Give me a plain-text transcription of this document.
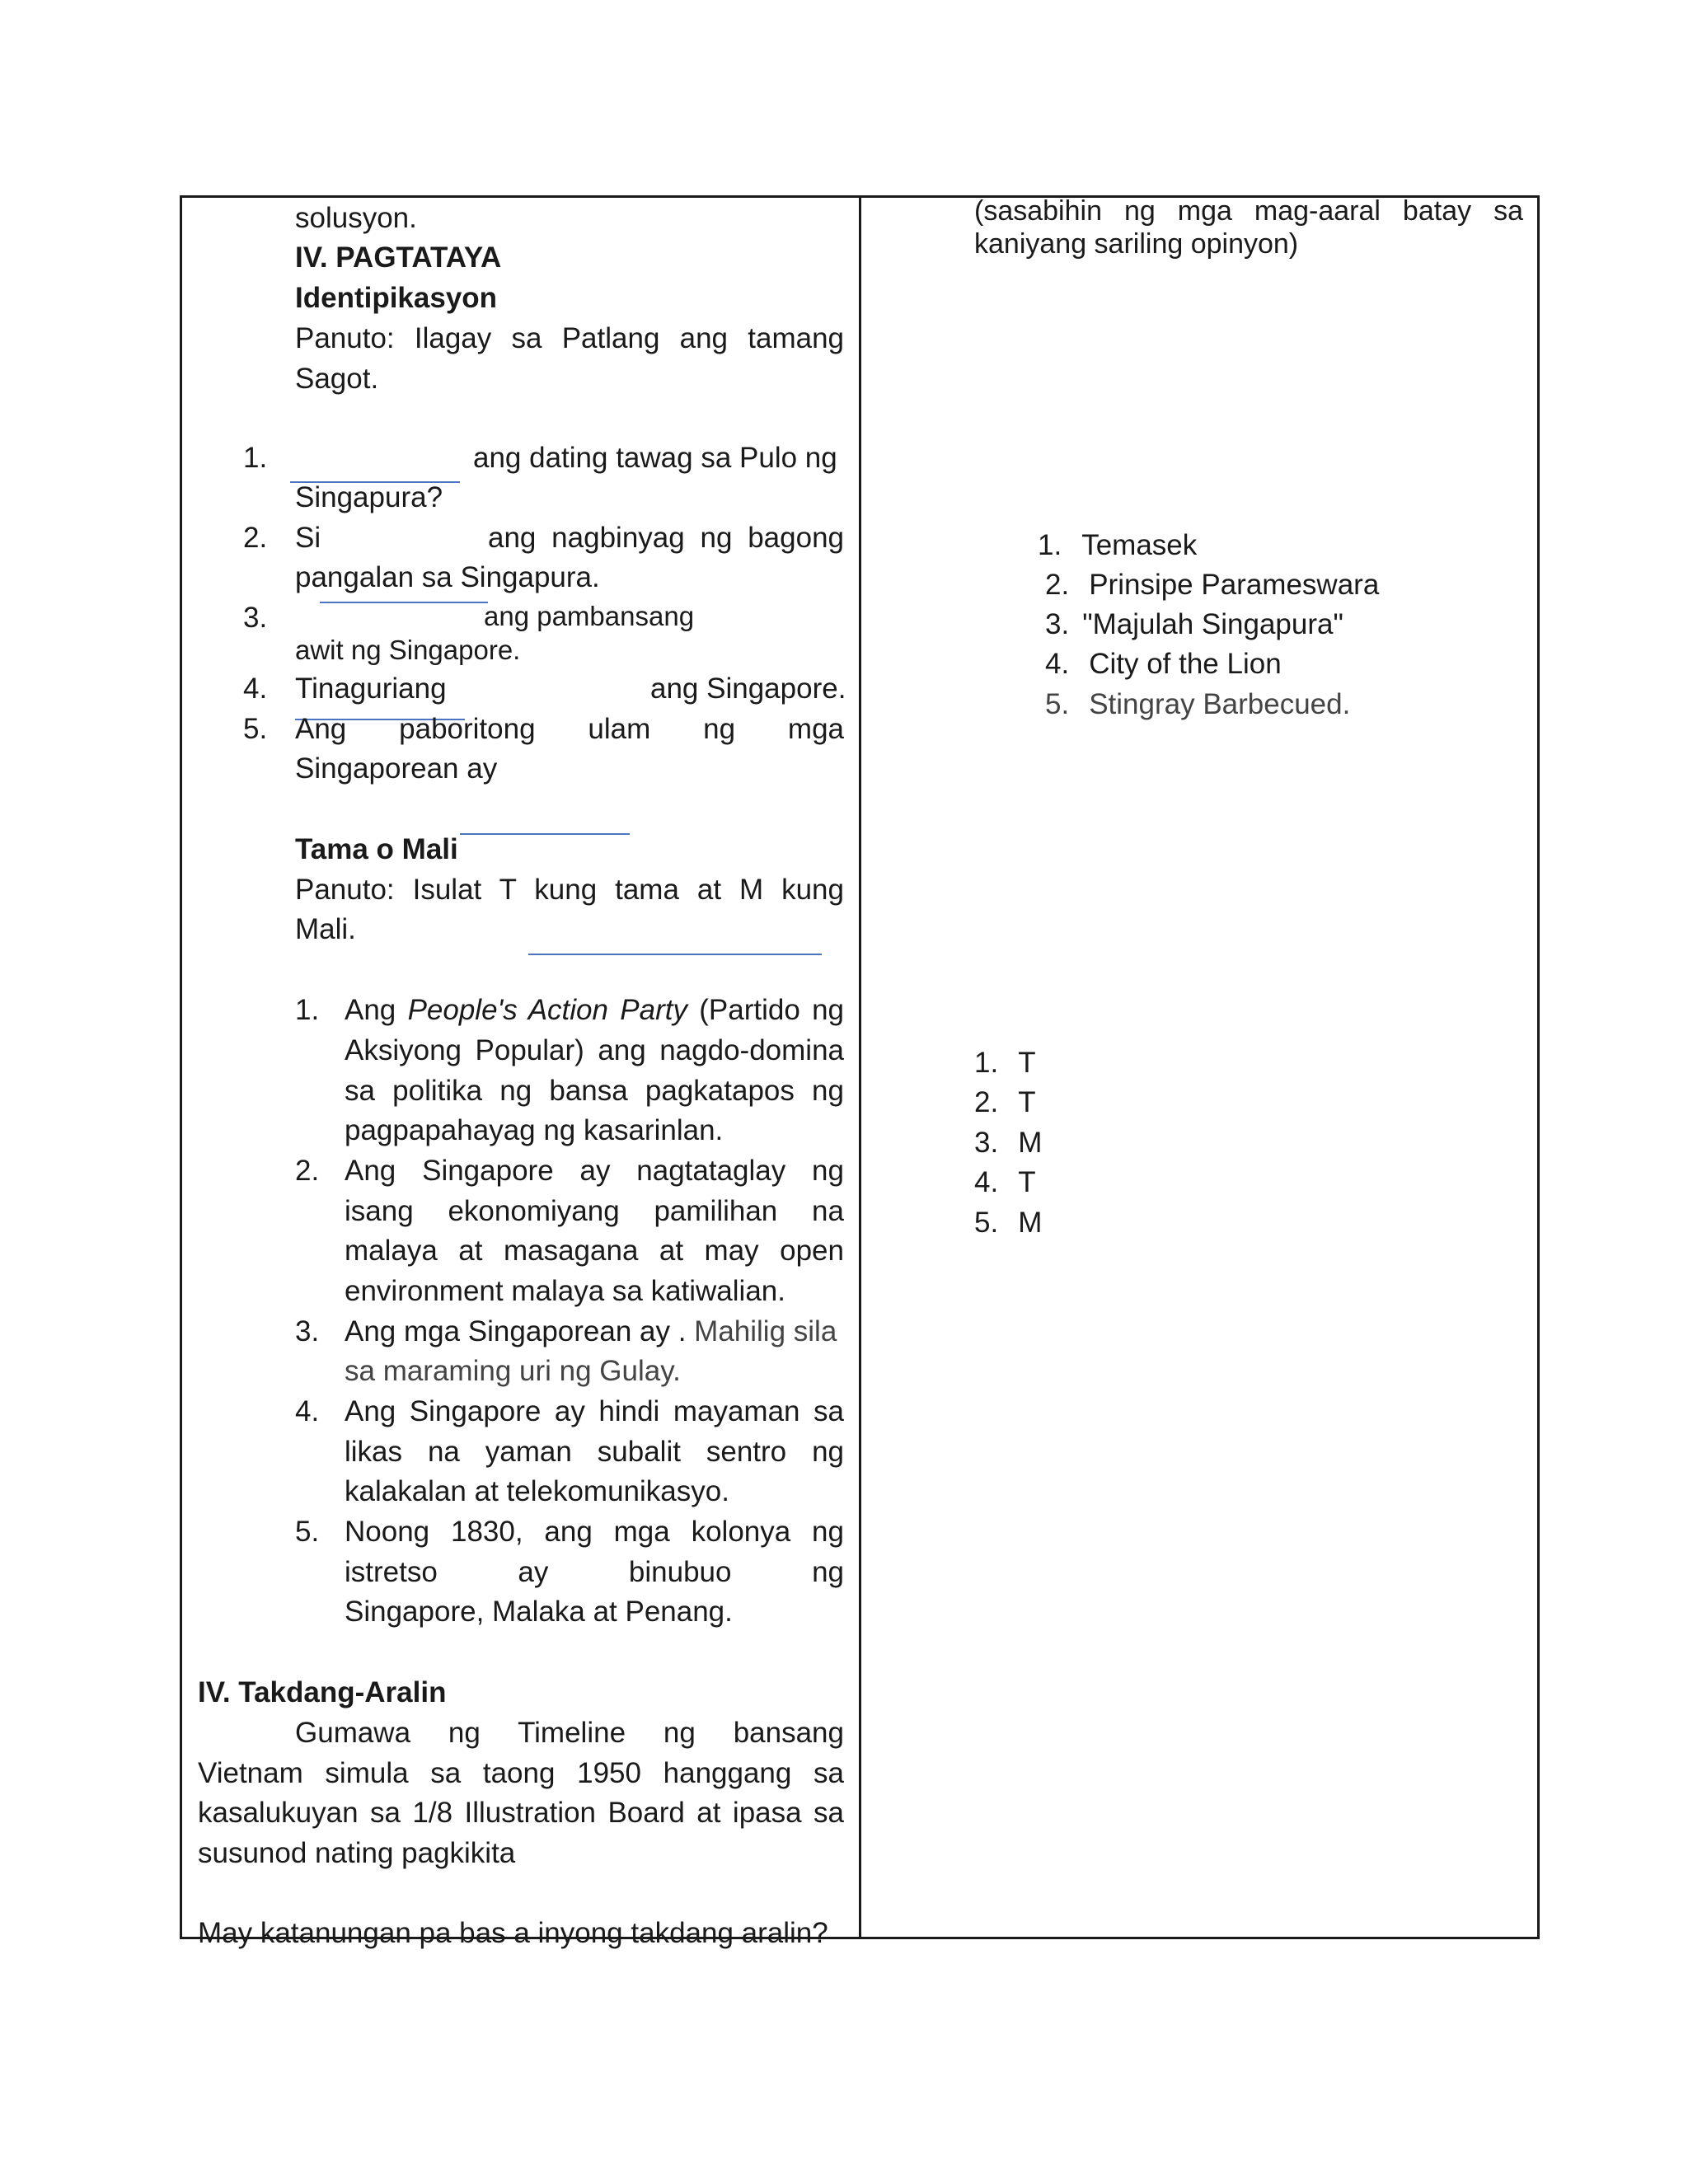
solusyon.
IV. PAGTATAYA
Identipikasyon
Panuto: Ilagay sa Patlang ang tamang
Sagot.
1.	ang dating tawag sa Pulo ng
Singapura?
2. Si	ang nagbinyag ng bagong
pangalan sa Singapura.
3.	ang pambansang
awit ng Singapore.
4. Tinaguriang	ang Singapore.
5. Ang paboritong ulam ng mga
Singaporean ay
Tama o Mali
Panuto: Isulat T kung tama at M kung
Mali.
1. Ang People's Action Party (Partido ng
Aksiyong Popular) ang nagdo-domina
sa politika ng bansa pagkatapos ng
pagpapahayag ng kasarinlan.
2. Ang Singapore ay nagtataglay ng
isang ekonomiyang pamilihan na
malaya at masagana at may open
environment malaya sa katiwalian.
3. Ang mga Singaporean ay . Mahilig sila
sa maraming uri ng Gulay.
4. Ang Singapore ay hindi mayaman sa
likas na yaman subalit sentro ng
kalakalan at telekomunikasyo.
5. Noong 1830, ang mga kolonya ng
istretso ay binubuo ng
Singapore, Malaka at Penang.
IV. Takdang-Aralin
Gumawa ng Timeline ng bansang
Vietnam simula sa taong 1950 hanggang sa
kasalukuyan sa 1/8 Illustration Board at ipasa sa
susunod nating pagkikita
May katanungan pa bas a inyong takdang aralin?
(sasabihin ng mga mag-aaral batay sa
kaniyang sariling opinyon)
1. Temasek
2. Prinsipe Parameswara
3. "Majulah Singapura"
4. City of the Lion
5. Stingray Barbecued.
1. T
2. T
3. M
4. T
5. M
